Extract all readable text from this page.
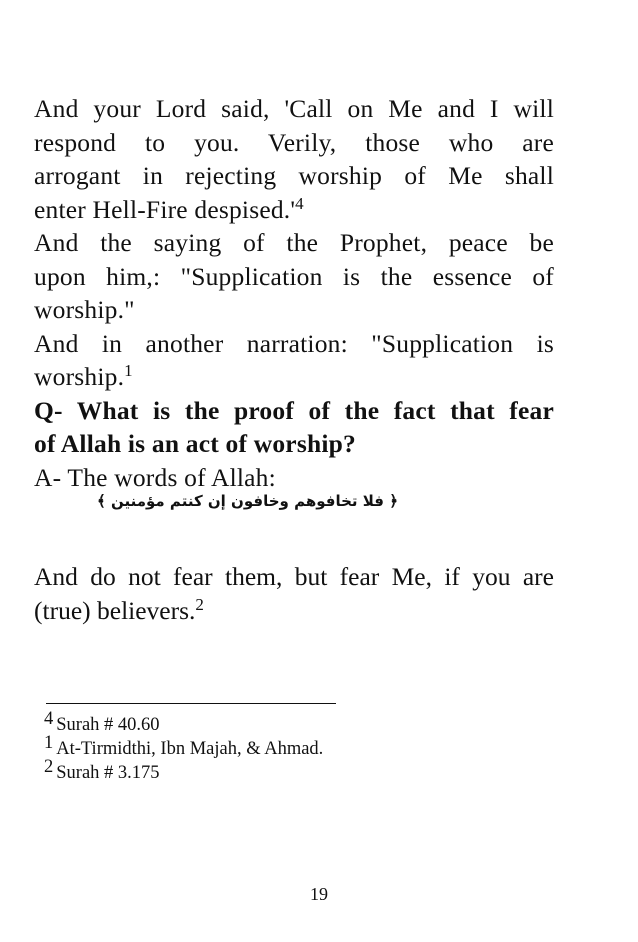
And your Lord said, 'Call on Me and I will
respond to you. Verily, those who are
arrogant in rejecting worship of Me shall
enter Hell-Fire despised.'$^4$
And the saying of the Prophet, peace be
upon him,: "Supplication is the essence of
worship."
And in another narration: "Supplication is
worship.$^1$
Q- What is the proof of the fact that fear
of Allah is an act of worship?
A- The words of Allah:
﴿ فلا تخافوهم وخافون إن كنتم مؤمنين ﴾
And do not fear them, but fear Me, if you are
(true) believers.$^2$
4 Surah # 40.60
1 At-Tirmidthi, Ibn Majah, & Ahmad.
2 Surah # 3.175
19
